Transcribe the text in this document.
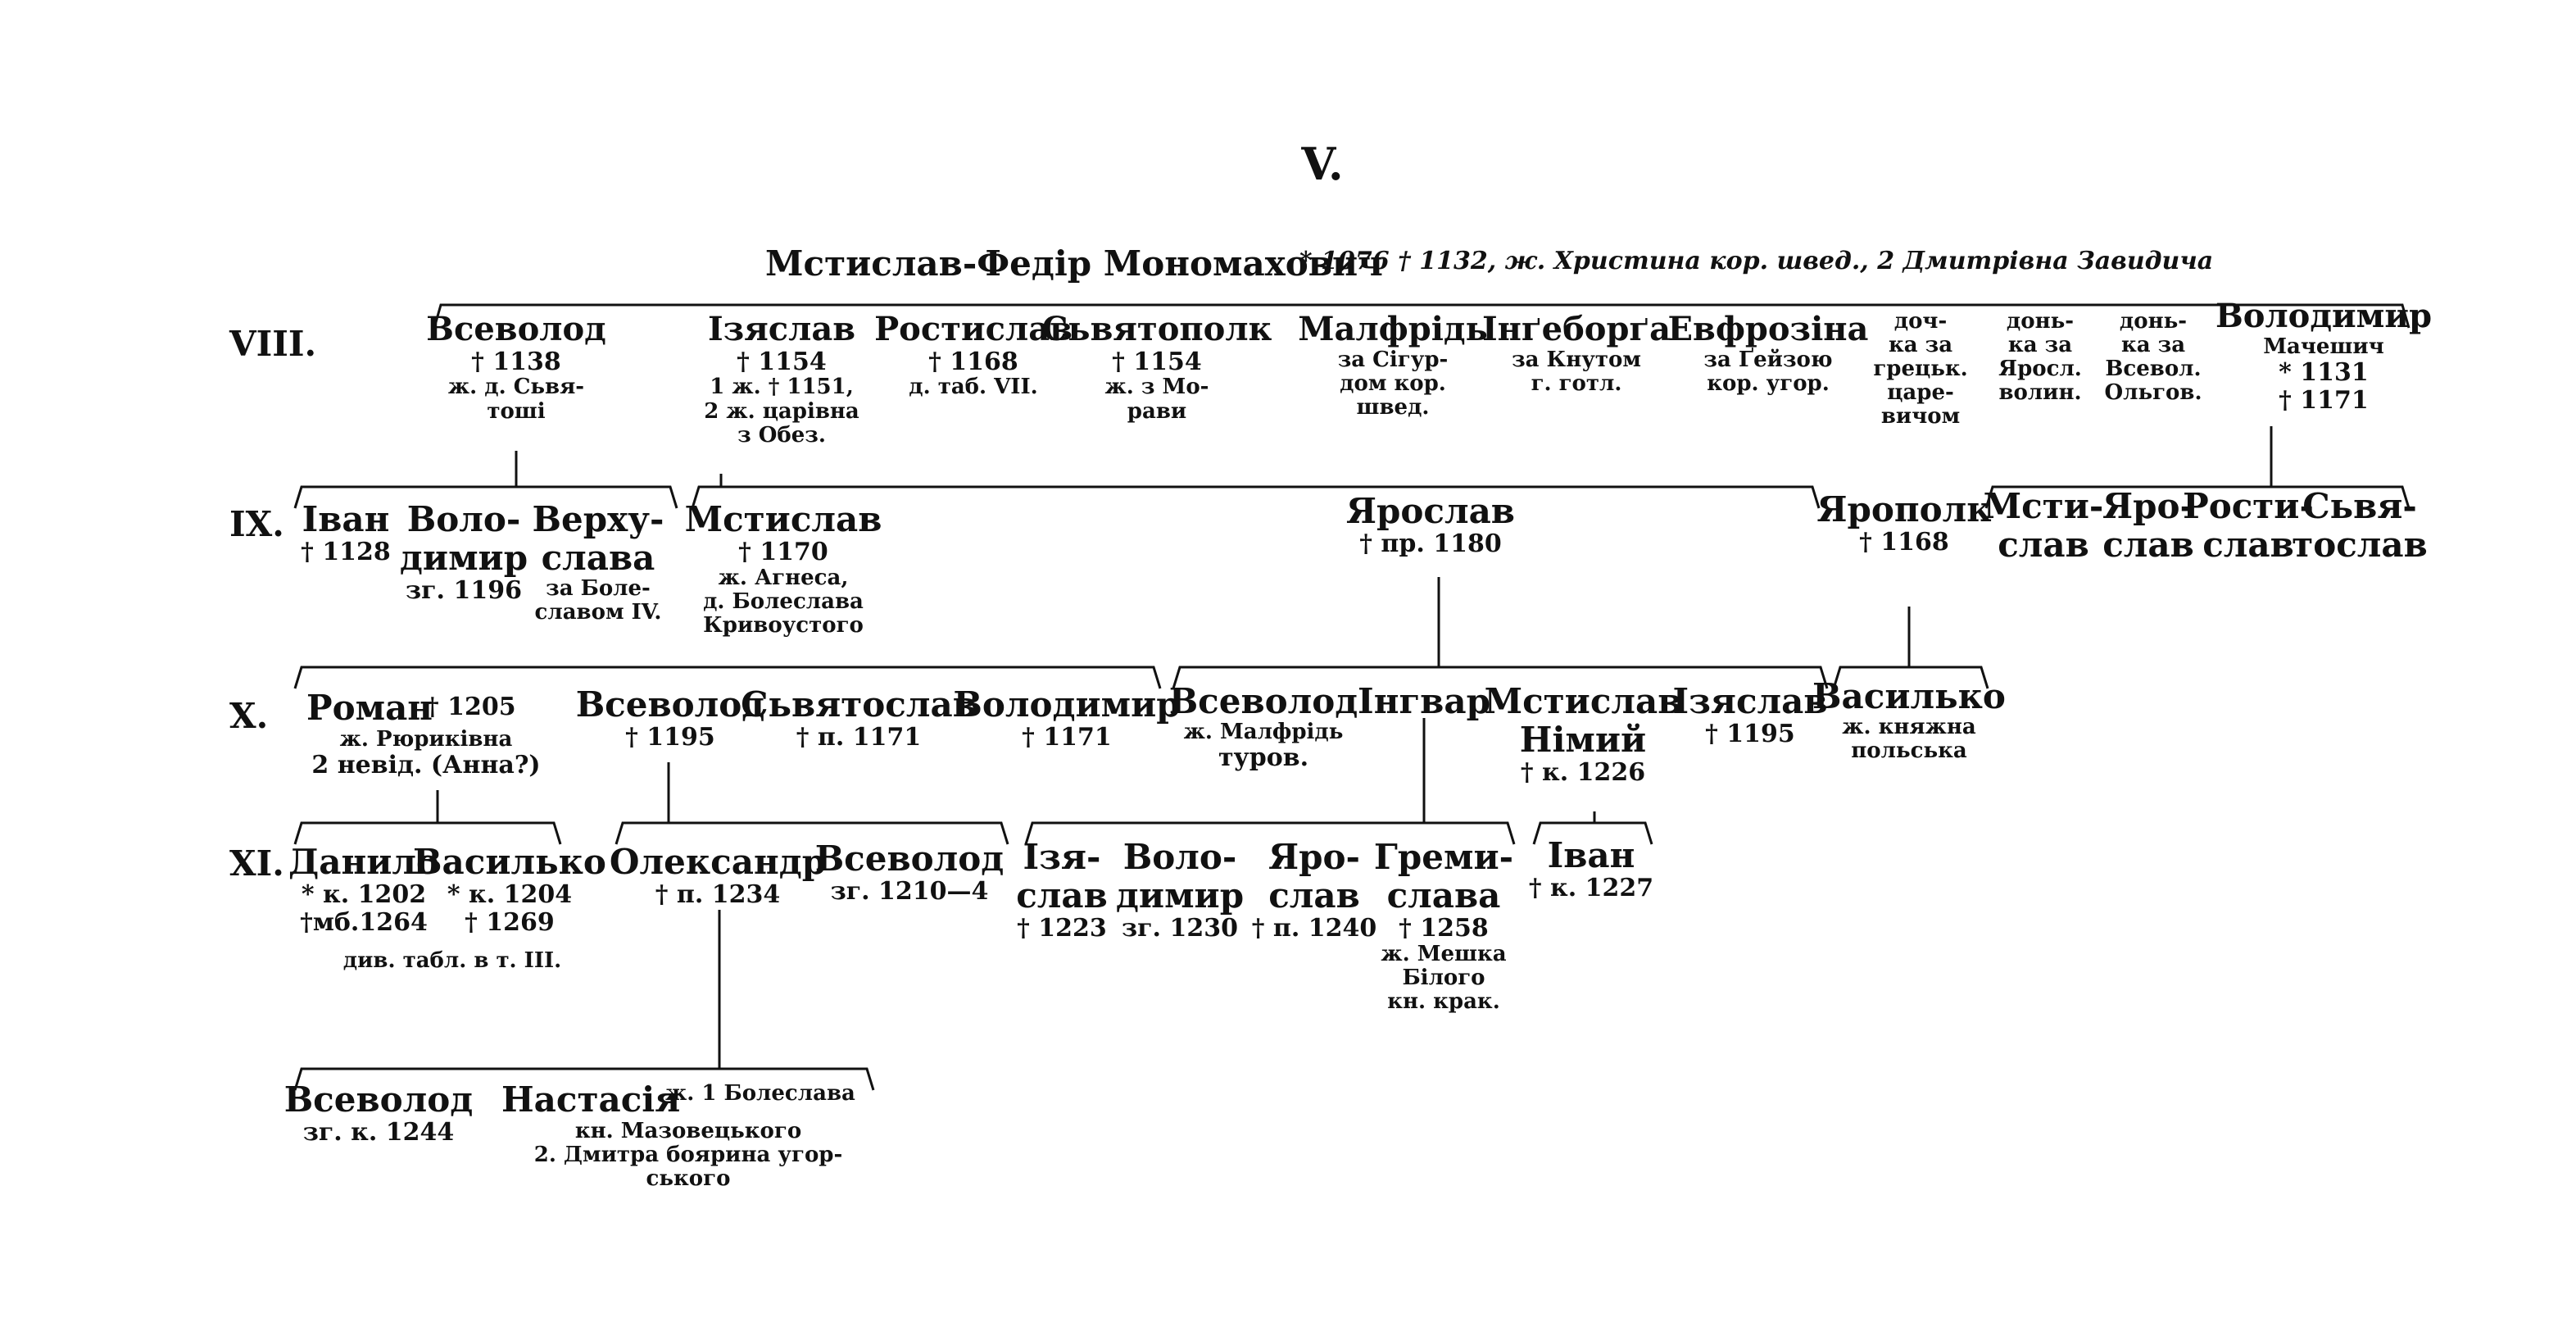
V.
Мстислав-Федір Мономахович
* 1076 † 1132, ж. Христина кор. швед., 2 Дмитрівна Завидича
VIII.
IX.
X.
XI.
Всеволод
† 1138
ж. д. Сьвя-
тоші
Ізяслав
† 1154
1 ж. † 1151,
2 ж. царівна
з Обез.
Ростислав
† 1168
д. таб. VII.
Сьвятополк
† 1154
ж. з Мо-
рави
Малфрідь
за Сігур-
дом кор.
швед.
Інґеборґа
за Кнутом
г. готл.
Евфрозіна
за Ґейзою
кор. угор.
доч-
ка за
грецьк.
царе-
вичом
донь-
ка за
Яросл.
волин.
донь-
ка за
Всевол.
Ольгов.
Володимир
Мачешич
* 1131
† 1171
Іван
† 1128
Воло-
димир
зг. 1196
Верху-
слава
за Боле-
славом IV.
Мстислав
† 1170
ж. Агнеса,
д. Болеслава
Кривоустого
Ярослав
† пр. 1180
Ярополк
† 1168
Мсти-
слав
Яро-
слав
Рости-
слав
Сьвя-
тослав
Роман
† 1205
ж. Рюриківна
2 невід. (Анна?)
Всеволод
† 1195
Сьвятослав
† п. 1171
Володимир
† 1171
Всеволод
ж. Малфрідь
туров.
Інгвар
Мстислав
Німий
† к. 1226
Ізяслав
† 1195
Василько
ж. княжна
польська
Данило
* к. 1202
†мб.1264
Василько
* к. 1204
† 1269
див. табл. в т. III.
Олександр
† п. 1234
Всеволод
зг. 1210—4
Ізя-
слав
† 1223
Воло-
димир
зг. 1230
Яро-
слав
† п. 1240
Греми-
слава
† 1258
ж. Мешка
Білого
кн. крак.
Іван
† к. 1227
Всеволод
зг. к. 1244
Настасія
ж. 1 Болеслава
кн. Мазовецького
2. Дмитра боярина угор-
ського
